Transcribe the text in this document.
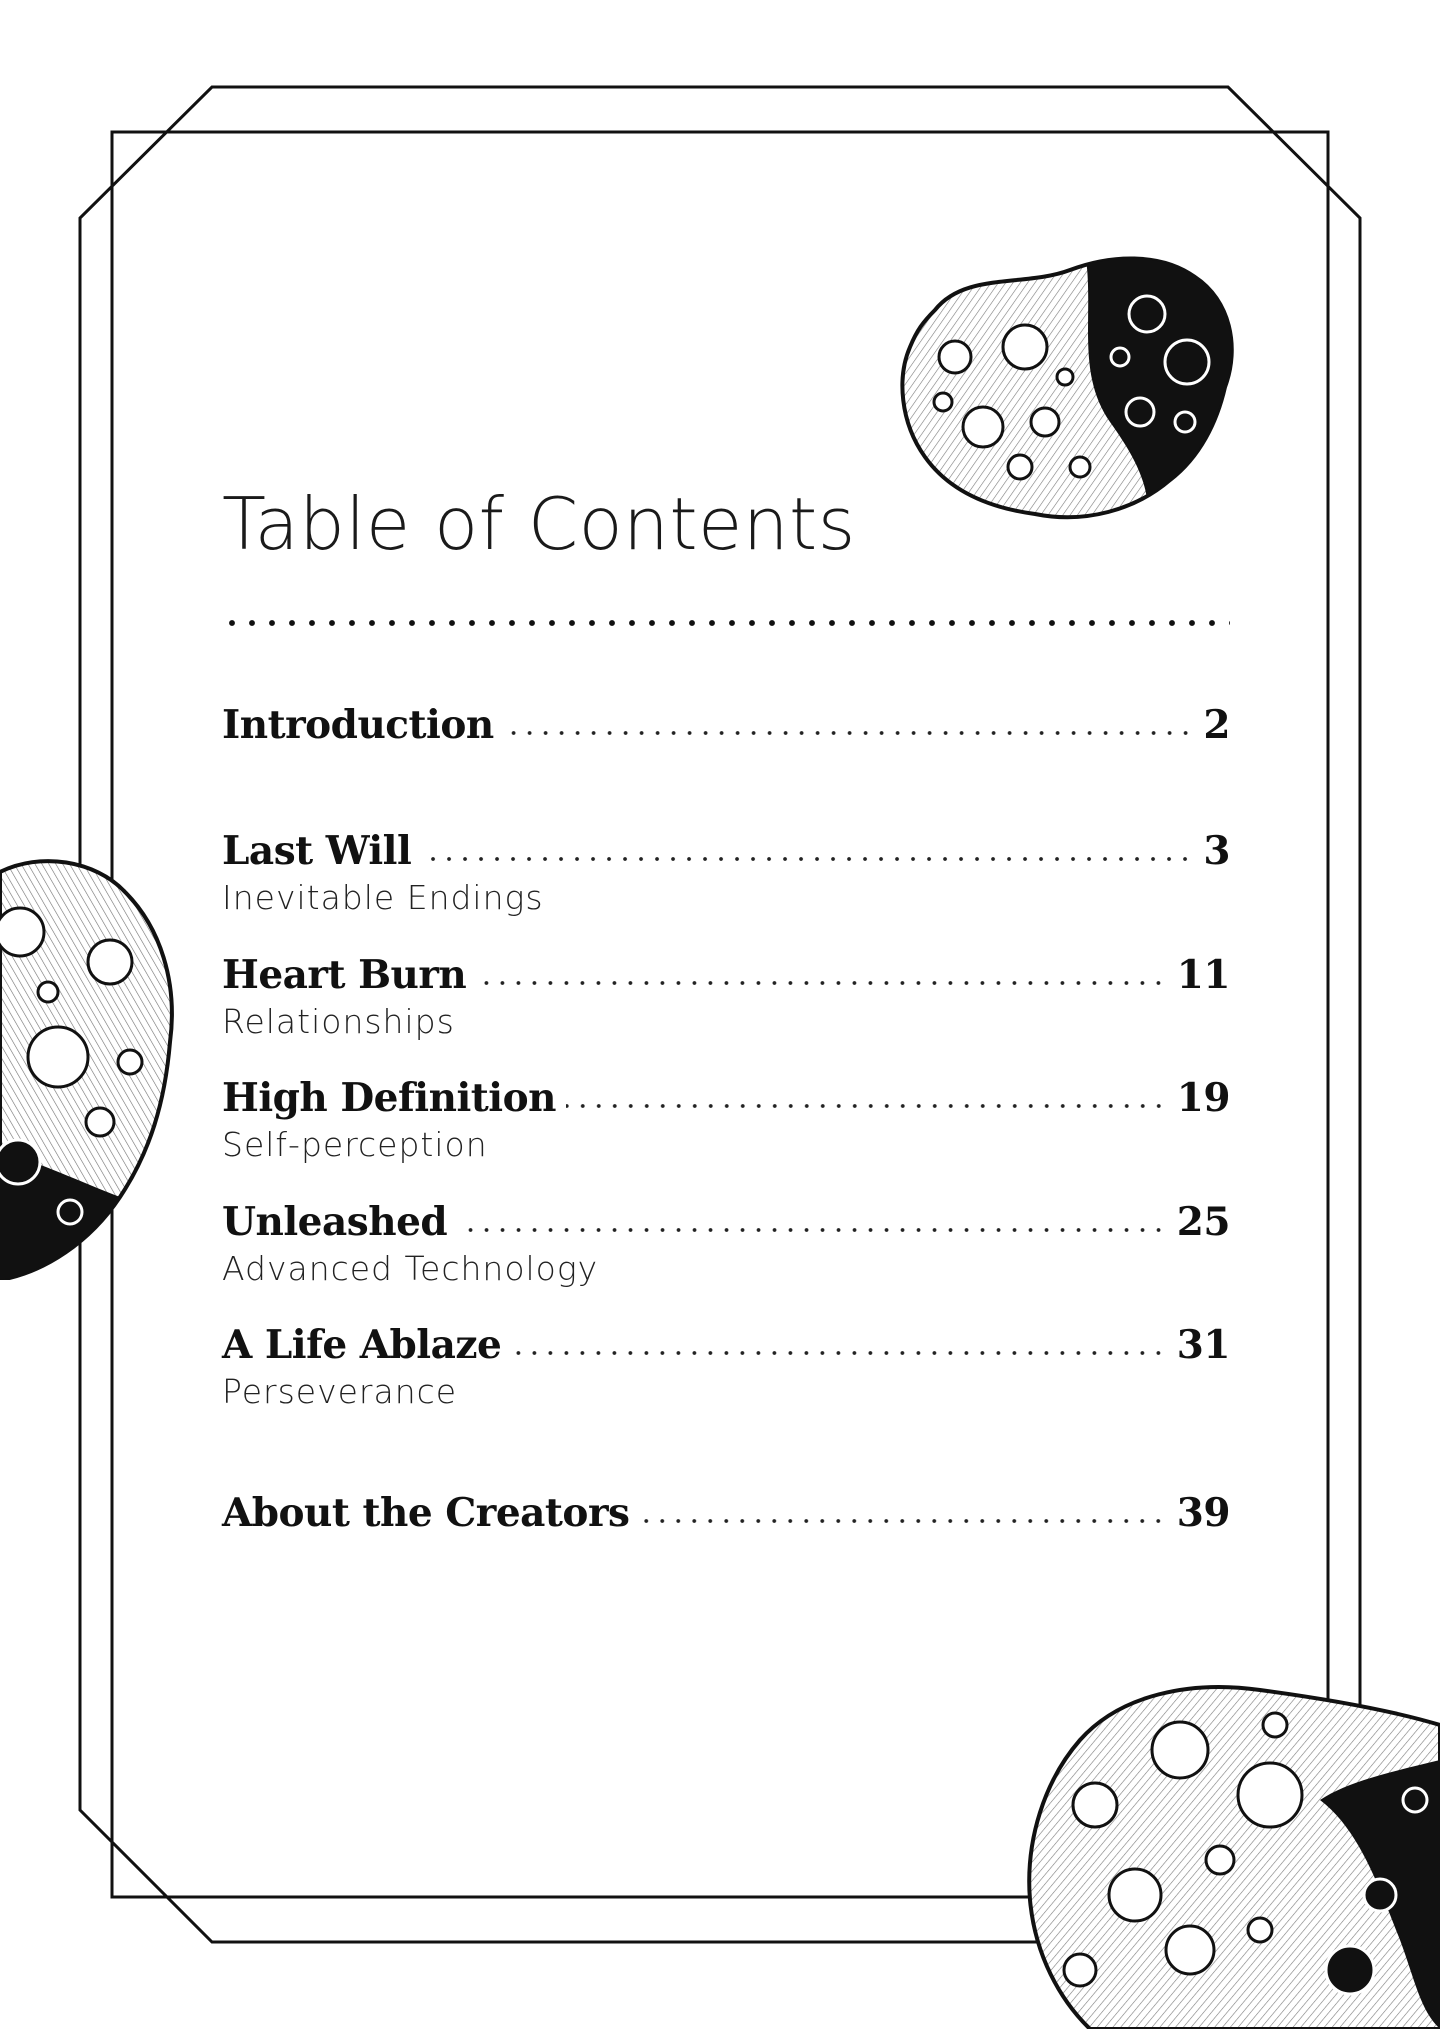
Table of Contents
Introduction	2
Last Will	3
Inevitable Endings
Heart Burn	11
Relationships
High Definition	19
Self-perception
Unleashed	25
Advanced Technology
A Life Ablaze	31
Perseverance
About the Creators	39
